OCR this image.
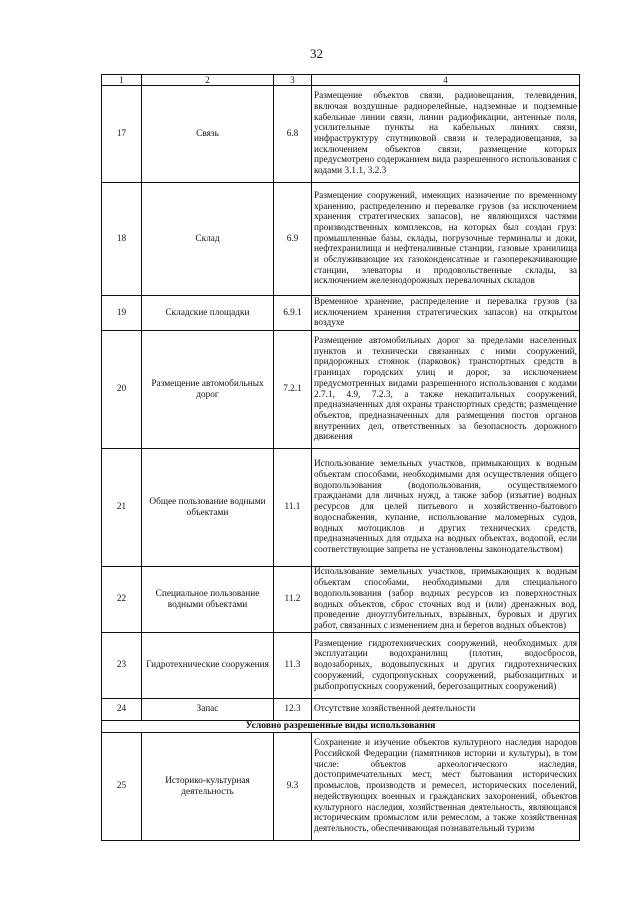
32
1	2	3	4
17	Связь	6.8	Размещение объектов связи, радиовещания, телевидения, включая воздушные радиорелейные, надземные и подземные кабельные линии связи, линии радиофикации, антенные поля, усилительные пункты на кабельных линиях связи, инфраструктуру спутниковой связи и телерадиовещания, за исключением объектов связи, размещение которых предусмотрено содержанием вида разрешенного использования с кодами 3.1.1, 3.2.3
18	Склад	6.9	Размещение сооружений, имеющих назначение по временному хранению, распределению и перевалке грузов (за исключением хранения стратегических запасов), не являющихся частями производственных комплексов, на которых был создан груз: промышленные базы, склады, погрузочные терминалы и доки, нефтехранилища и нефтеналивные станции, газовые хранилища и обслуживающие их газоконденсатные и газоперекачивающие станции, элеваторы и продовольственные склады, за исключением железнодорожных перевалочных складов
19	Складские площадки	6.9.1	Временное хранение, распределение и перевалка грузов (за исключением хранения стратегических запасов) на открытом воздухе
20	Размещение автомобильных дорог	7.2.1	Размещение автомобильных дорог за пределами населенных пунктов и технически связанных с ними сооружений, придорожных стоянок (парковок) транспортных средств в границах городских улиц и дорог, за исключением предусмотренных видами разрешенного использования с кодами 2.7.1, 4.9, 7.2.3, а также некапитальных сооружений, предназначенных для охраны транспортных средств; размещение объектов, предназначенных для размещения постов органов внутренних дел, ответственных за безопасность дорожного движения
21	Общее пользование водными объектами	11.1	Использование земельных участков, примыкающих к водным объектам способами, необходимыми для осуществления общего водопользования (водопользования, осуществляемого гражданами для личных нужд, а также забор (изъятие) водных ресурсов для целей питьевого и хозяйственно-бытового водоснабжения, купание, использование маломерных судов, водных мотоциклов и других технических средств, предназначенных для отдыха на водных объектах, водопой, если соответствующие запреты не установлены законодательством)
22	Специальное пользование водными объектами	11.2	Использование земельных участков, примыкающих к водным объектам способами, необходимыми для специального водопользования (забор водных ресурсов из поверхностных водных объектов, сброс сточных вод и (или) дренажных вод, проведение дноуглубительных, взрывных, буровых и других работ, связанных с изменением дна и берегов водных объектов)
23	Гидротехнические сооружения	11.3	Размещение гидротехнических сооружений, необходимых для эксплуатации водохранилищ (плотин, водосбросов, водозаборных, водовыпускных и других гидротехнических сооружений, судопропускных сооружений, рыбозащитных и рыбопропускных сооружений, берегозащитных сооружений)
24	Запас	12.3	Отсутствие хозяйственной деятельности
Условно разрешенные виды использования			
25	Историко-культурная деятельность	9.3	Сохранение и изучение объектов культурного наследия народов Российской Федерации (памятников истории и культуры), в том числе: объектов археологического наследия, достопримечательных мест, мест бытования исторических промыслов, производств и ремесел, исторических поселений, недействующих военных и гражданских захоронений, объектов культурного наследия, хозяйственная деятельность, являющаяся историческим промыслом или ремеслом, а также хозяйственная деятельность, обеспечивающая познавательный туризм
